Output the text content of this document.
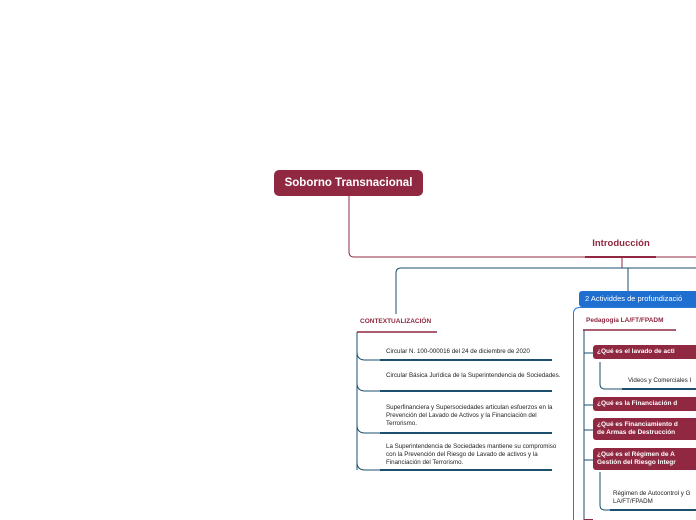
Soborno Transnacional
Introducción
CONTEXTUALIZACIÓN
Circular N. 100-000016 del 24 de diciembre de 2020
Circular Básica Jurídica de la Superintendencia de Sociedades.
Superfinanciera y Supersociedades articulan esfuerzos en la Prevención del Lavado de Activos y la Financiación del Terrorismo.
La Superintendencia de Sociedades mantiene su compromiso con la Prevención del Riesgo de Lavado de activos y la Financiación del Terrorismo.
2 Actividdes de profundizació
Pedagogía LA/FT/FPADM
¿Qué es el lavado de acti
Videos y Comerciales I
¿Qué es la Financiación d
¿Qué es Financiamiento d
de Armas de Destrucción
¿Qué es el Régimen de A
Gestión del Riesgo Integr
Régimen de Autocontrol y G
LA/FT/FPADM
